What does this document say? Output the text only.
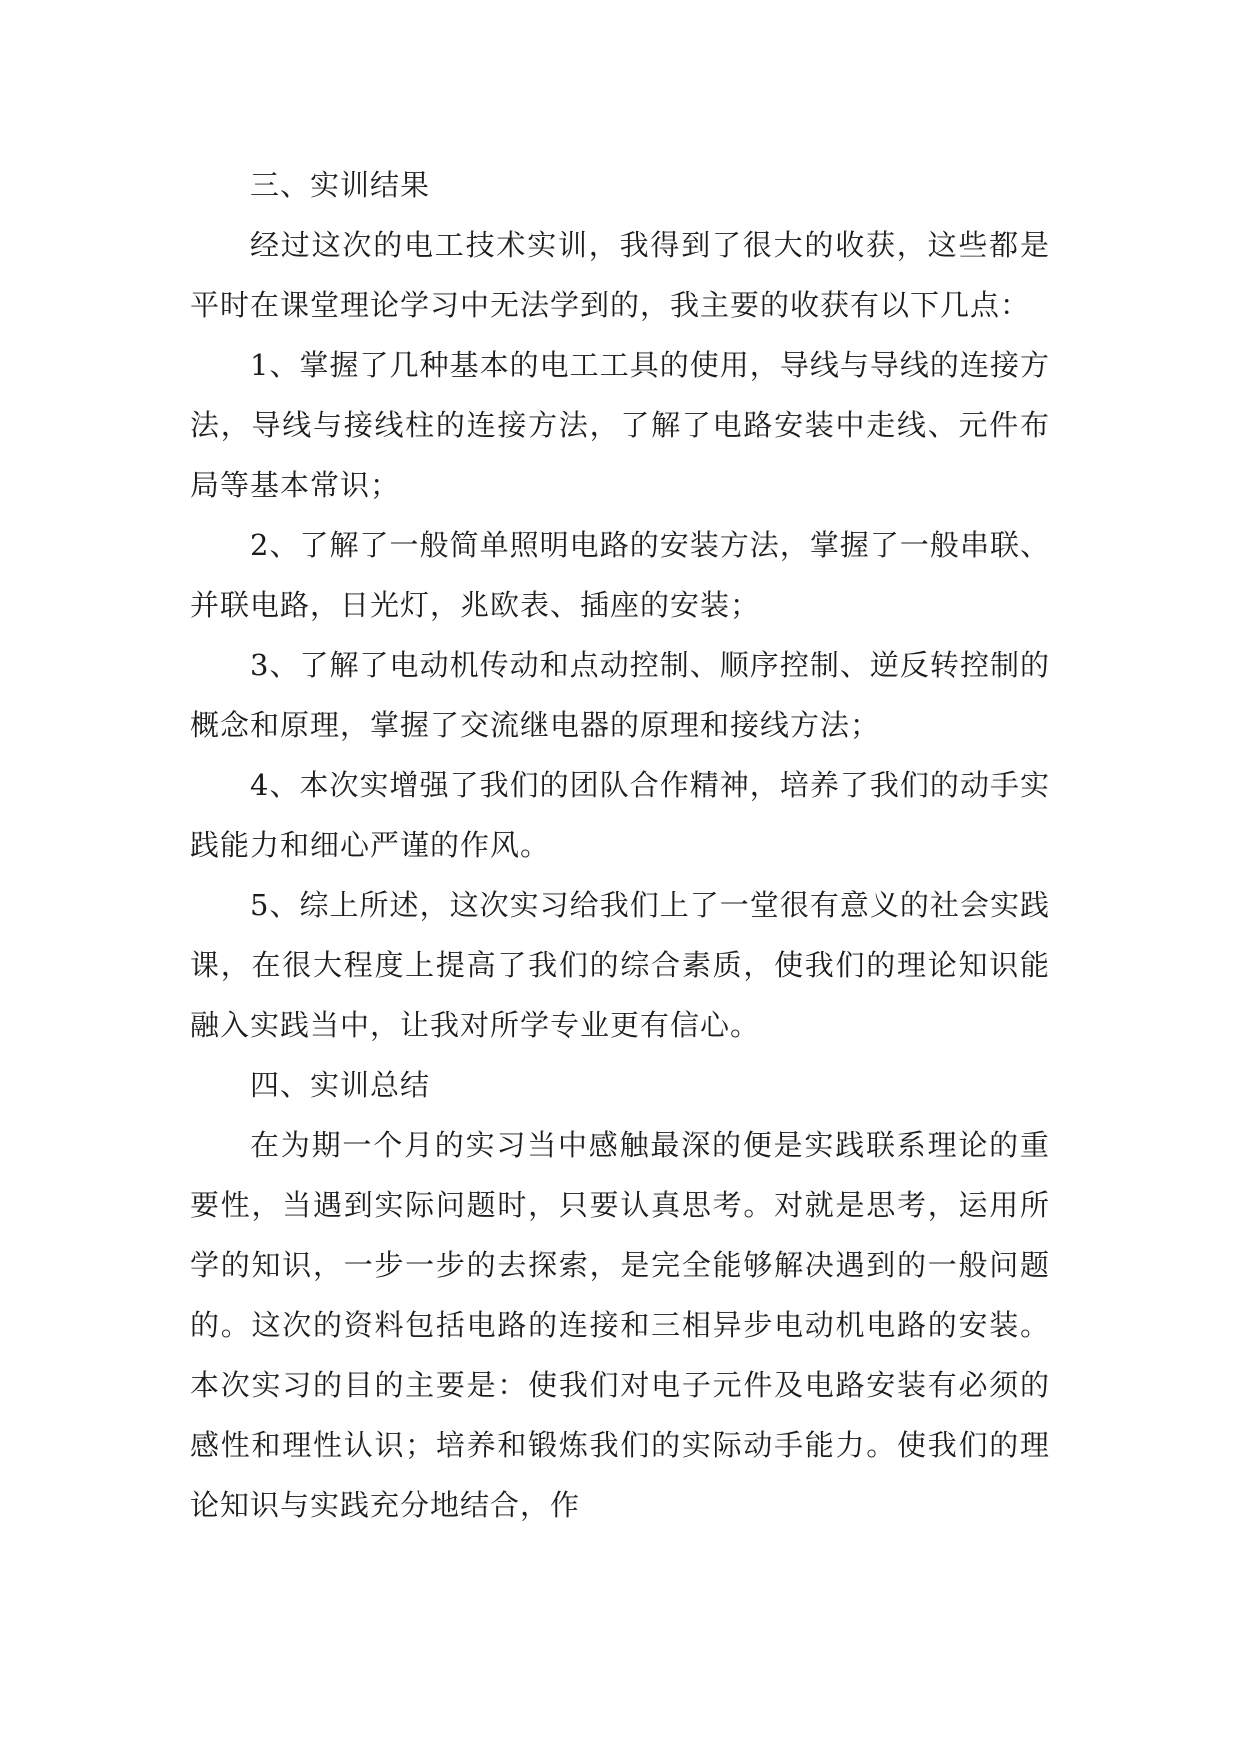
三、实训结果

经过这次的电工技术实训，我得到了很大的收获，这些都是平时在课堂理论学习中无法学到的，我主要的收获有以下几点：

1、掌握了几种基本的电工工具的使用，导线与导线的连接方法，导线与接线柱的连接方法，了解了电路安装中走线、元件布局等基本常识；
2、了解了一般简单照明电路的安装方法，掌握了一般串联、并联电路，日光灯，兆欧表、插座的安装；
3、了解了电动机传动和点动控制、顺序控制、逆反转控制的概念和原理，掌握了交流继电器的原理和接线方法；
4、本次实增强了我们的团队合作精神，培养了我们的动手实践能力和细心严谨的作风。
5、综上所述，这次实习给我们上了一堂很有意义的社会实践课，在很大程度上提高了我们的综合素质，使我们的理论知识能融入实践当中，让我对所学专业更有信心。
四、实训总结

在为期一个月的实习当中感触最深的便是实践联系理论的重要性，当遇到实际问题时，只要认真思考。对就是思考，运用所学的知识，一步一步的去探索，是完全能够解决遇到的一般问题的。这次的资料包括电路的连接和三相异步电动机电路的安装。本次实习的目的主要是：使我们对电子元件及电路安装有必须的感性和理性认识；培养和锻炼我们的实际动手能力。使我们的理论知识与实践充分地结合，作
